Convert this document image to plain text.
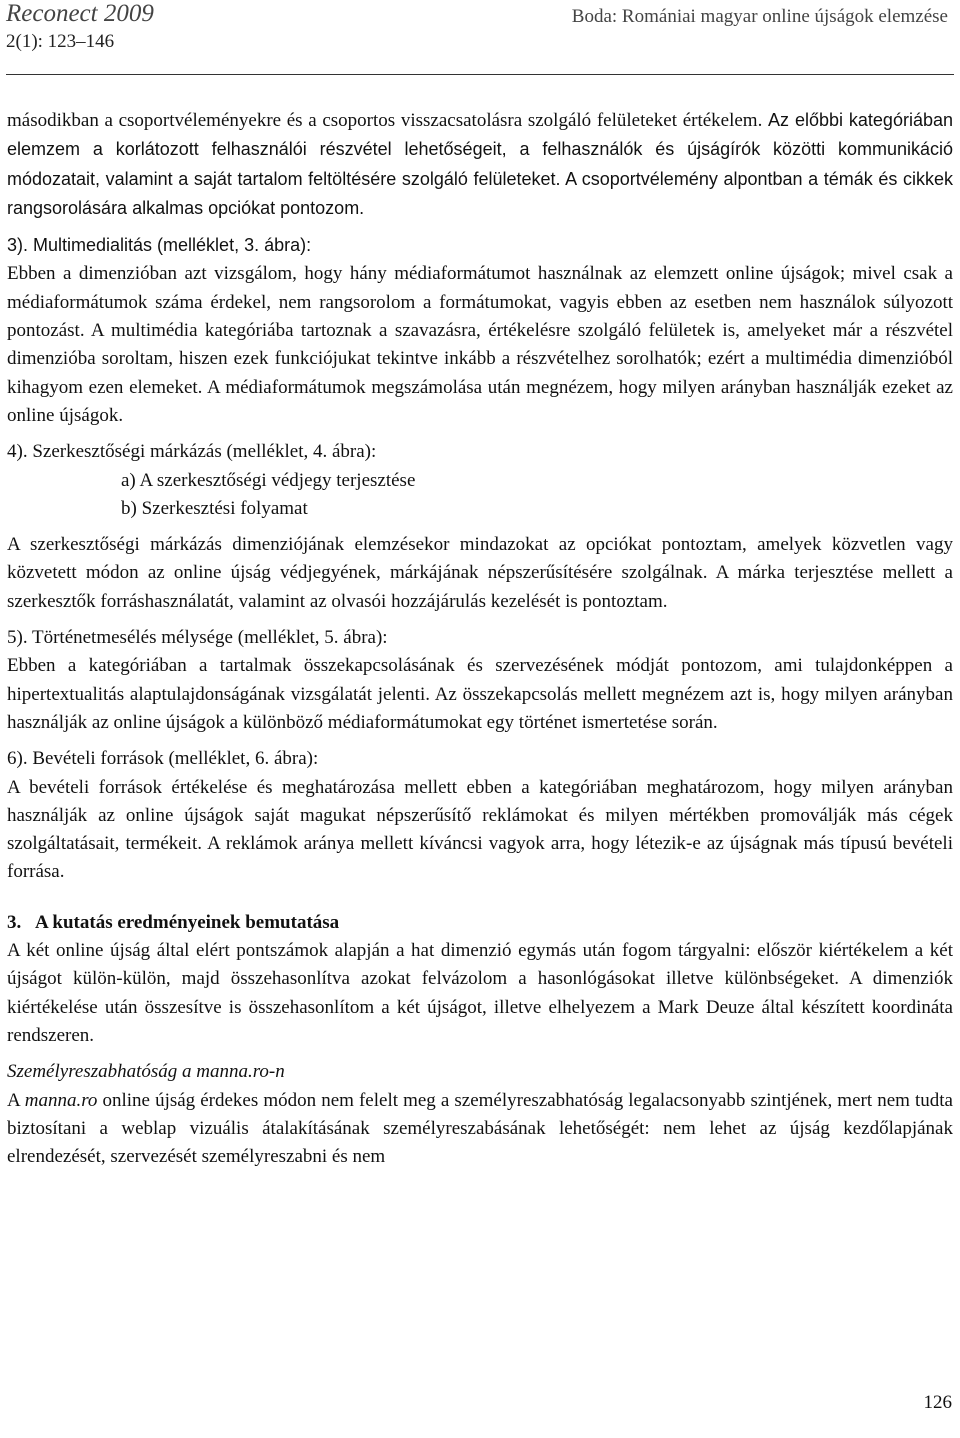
Reconect 2009
2(1): 123–146
Boda: Romániai magyar online újságok elemzése

másodikban a csoportvéleményekre és a csoportos visszacsatolásra szolgáló felületeket értékelem. Az előbbi kategóriában elemzem a korlátozott felhasználói részvétel lehetőségeit, a felhasználók és újságírók közötti kommunikáció módozatait, valamint a saját tartalom feltöltésére szolgáló felületeket. A csoportvélemény alpontban a témák és cikkek rangsorolására alkalmas opciókat pontozom.

3). Multimedialitás (melléklet, 3. ábra):

Ebben a dimenzióban azt vizsgálom, hogy hány médiaformátumot használnak az elemzett online újságok; mivel csak a médiaformátumok száma érdekel, nem rangsorolom a formátumokat, vagyis ebben az esetben nem használok súlyozott pontozást. A multimédia kategóriába tartoznak a szavazásra, értékelésre szolgáló felületek is, amelyeket már a részvétel dimenzióba soroltam, hiszen ezek funkciójukat tekintve inkább a részvételhez sorolhatók; ezért a multimédia dimenzióból kihagyom ezen elemeket. A médiaformátumok megszámolása után megnézem, hogy milyen arányban használják ezeket az online újságok.

4). Szerkesztőségi márkázás (melléklet, 4. ábra):

a) A szerkesztőségi védjegy terjesztése

b) Szerkesztési folyamat

A szerkesztőségi márkázás dimenziójának elemzésekor mindazokat az opciókat pontoztam, amelyek közvetlen vagy közvetett módon az online újság védjegyének, márkájának népszerűsítésére szolgálnak. A márka terjesztése mellett a szerkesztők forráshasználatát, valamint az olvasói hozzájárulás kezelését is pontoztam.

5). Történetmesélés mélysége (melléklet, 5. ábra):

Ebben a kategóriában a tartalmak összekapcsolásának és szervezésének módját pontozom, ami tulajdonképpen a hipertextualitás alaptulajdonságának vizsgálatát jelenti. Az összekapcsolás mellett megnézem azt is, hogy milyen arányban használják az online újságok a különböző médiaformátumokat egy történet ismertetése során.

6). Bevételi források (melléklet, 6. ábra):

A bevételi források értékelése és meghatározása mellett ebben a kategóriában meghatározom, hogy milyen arányban használják az online újságok saját magukat népszerűsítő reklámokat és milyen mértékben promoválják más cégek szolgáltatásait, termékeit. A reklámok aránya mellett kíváncsi vagyok arra, hogy létezik-e az újságnak más típusú bevételi forrása.

3. A kutatás eredményeinek bemutatása

A két online újság által elért pontszámok alapján a hat dimenzió egymás után fogom tárgyalni: először kiértékelem a két újságot külön-külön, majd összehasonlítva azokat felvázolom a hasonlógásokat illetve különbségeket. A dimenziók kiértékelése után összesítve is összehasonlítom a két újságot, illetve elhelyezem a Mark Deuze által készített koordináta rendszeren.

Személyreszabhatóság a manna.ro-n

A manna.ro online újság érdekes módon nem felelt meg a személyreszabhatóság legalacsonyabb szintjének, mert nem tudta biztosítani a weblap vizuális átalakításának személyreszabásának lehetőségét: nem lehet az újság kezdőlapjának elrendezését, szervezését személyreszabni és nem

126
